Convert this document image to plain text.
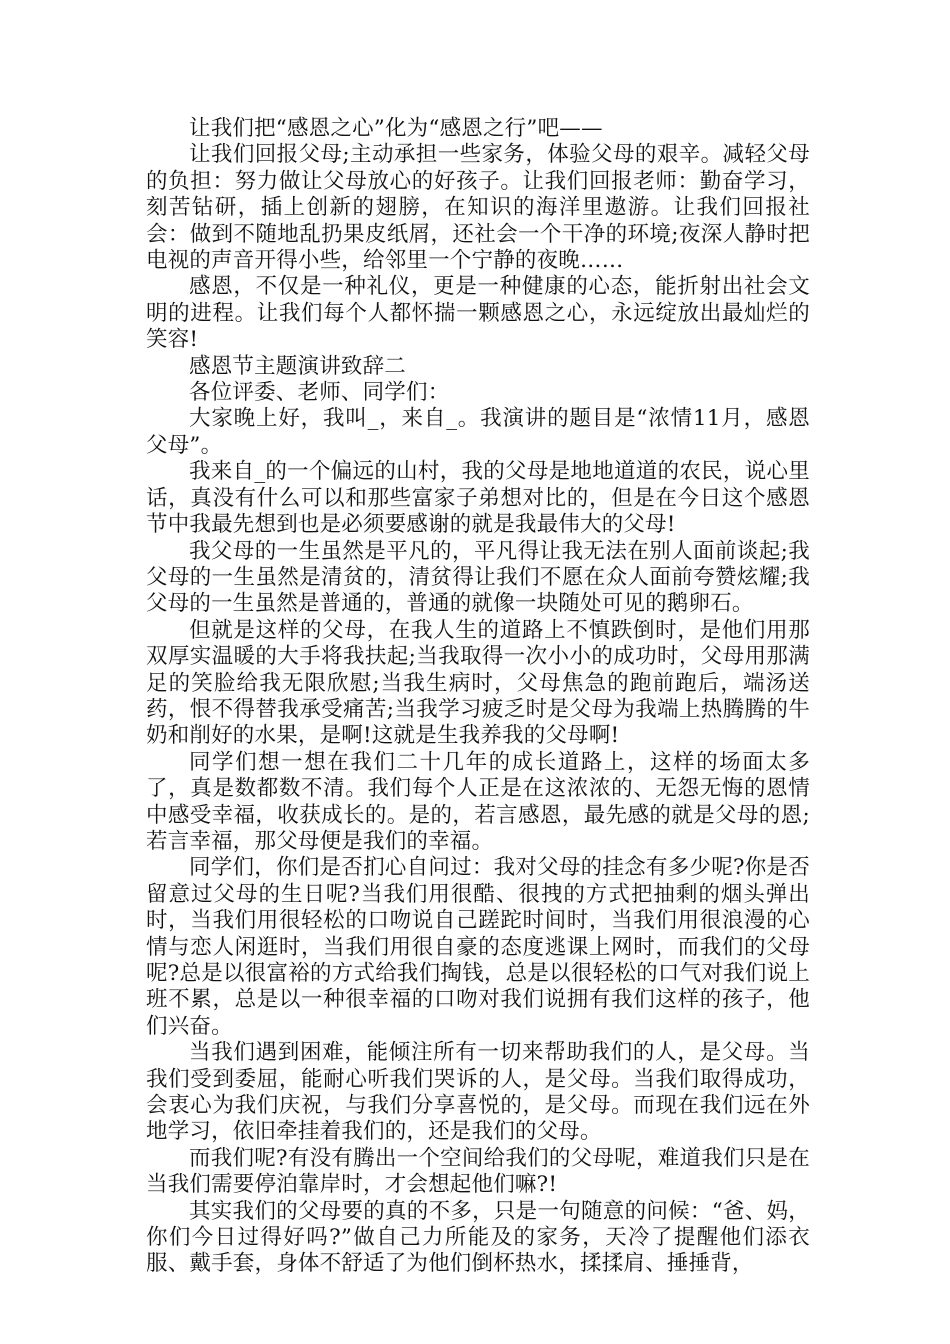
让我们把“感恩之心”化为“感恩之行”吧——

让我们回报父母;主动承担一些家务，体验父母的艰辛。减轻父母的负担：努力做让父母放心的好孩子。让我们回报老师：勤奋学习，刻苦钻研，插上创新的翅膀，在知识的海洋里遨游。让我们回报社会：做到不随地乱扔果皮纸屑，还社会一个干净的环境;夜深人静时把电视的声音开得小些，给邻里一个宁静的夜晚……

感恩，不仅是一种礼仪，更是一种健康的心态，能折射出社会文明的进程。让我们每个人都怀揣一颗感恩之心，永远绽放出最灿烂的笑容!

感恩节主题演讲致辞二

各位评委、老师、同学们：

大家晚上好，我叫_，来自_。我演讲的题目是“浓情11月，感恩父母”。

我来自_的一个偏远的山村，我的父母是地地道道的农民，说心里话，真没有什么可以和那些富家子弟想对比的，但是在今日这个感恩节中我最先想到也是必须要感谢的就是我最伟大的父母!

我父母的一生虽然是平凡的，平凡得让我无法在别人面前谈起;我父母的一生虽然是清贫的，清贫得让我们不愿在众人面前夸赞炫耀;我父母的一生虽然是普通的，普通的就像一块随处可见的鹅卵石。

但就是这样的父母，在我人生的道路上不慎跌倒时，是他们用那双厚实温暖的大手将我扶起;当我取得一次小小的成功时，父母用那满足的笑脸给我无限欣慰;当我生病时，父母焦急的跑前跑后，端汤送药，恨不得替我承受痛苦;当我学习疲乏时是父母为我端上热腾腾的牛奶和削好的水果，是啊!这就是生我养我的父母啊!

同学们想一想在我们二十几年的成长道路上，这样的场面太多了，真是数都数不清。我们每个人正是在这浓浓的、无怨无悔的恩情中感受幸福，收获成长的。是的，若言感恩，最先感的就是父母的恩;若言幸福，那父母便是我们的幸福。

同学们，你们是否扪心自问过：我对父母的挂念有多少呢?你是否留意过父母的生日呢?当我们用很酷、很拽的方式把抽剩的烟头弹出时，当我们用很轻松的口吻说自己蹉跎时间时，当我们用很浪漫的心情与恋人闲逛时，当我们用很自豪的态度逃课上网时，而我们的父母呢?总是以很富裕的方式给我们掏钱，总是以很轻松的口气对我们说上班不累，总是以一种很幸福的口吻对我们说拥有我们这样的孩子，他们兴奋。

当我们遇到困难，能倾注所有一切来帮助我们的人，是父母。当我们受到委屈，能耐心听我们哭诉的人，是父母。当我们取得成功，会衷心为我们庆祝，与我们分享喜悦的，是父母。而现在我们远在外地学习，依旧牵挂着我们的，还是我们的父母。

而我们呢?有没有腾出一个空间给我们的父母呢，难道我们只是在当我们需要停泊靠岸时，才会想起他们嘛?!

其实我们的父母要的真的不多，只是一句随意的问候：“爸、妈，你们今日过得好吗?”做自己力所能及的家务，天冷了提醒他们添衣服、戴手套，身体不舒适了为他们倒杯热水，揉揉肩、捶捶背，
